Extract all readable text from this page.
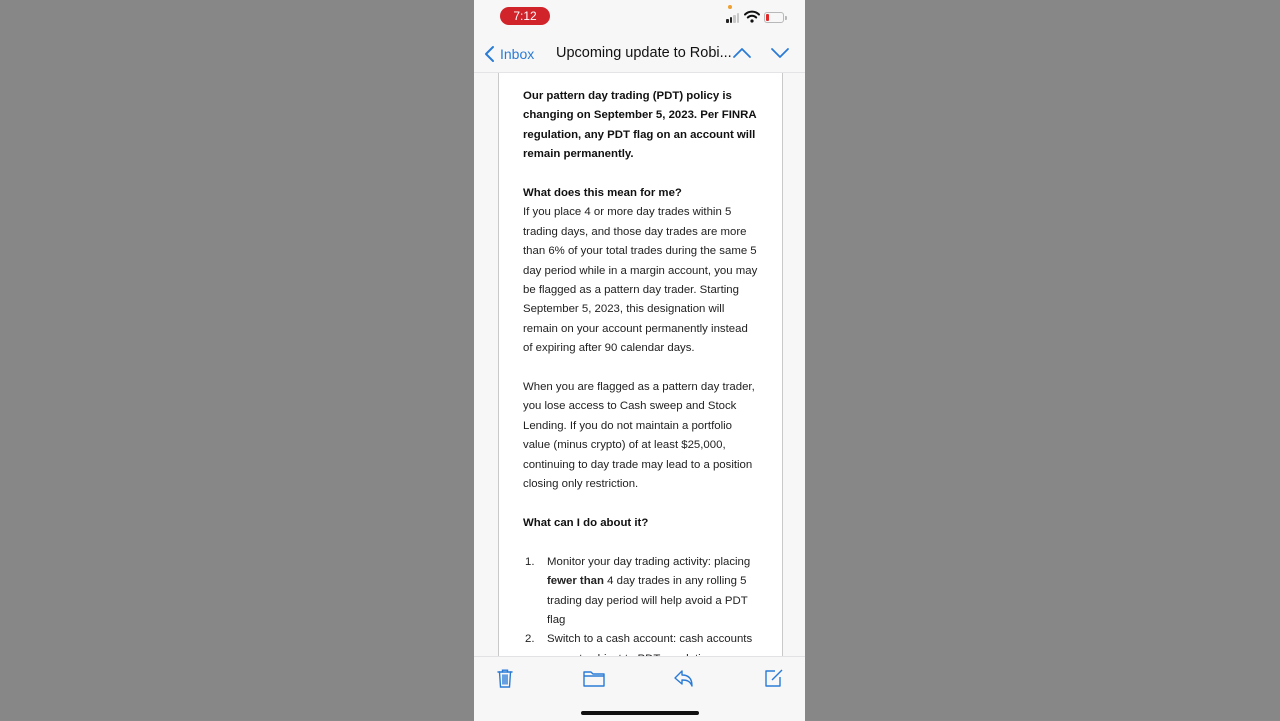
7:12
Inbox Upcoming update to Robi...

Our pattern day trading (PDT) policy is changing on September 5, 2023. Per FINRA regulation, any PDT flag on an account will remain permanently.

What does this mean for me?

If you place 4 or more day trades within 5 trading days, and those day trades are more than 6% of your total trades during the same 5 day period while in a margin account, you may be flagged as a pattern day trader. Starting September 5, 2023, this designation will remain on your account permanently instead of expiring after 90 calendar days.

When you are flagged as a pattern day trader, you lose access to Cash sweep and Stock Lending. If you do not maintain a portfolio value (minus crypto) of at least $25,000, continuing to day trade may lead to a position closing only restriction.

What can I do about it?
1. Monitor your day trading activity: placing fewer than 4 day trades in any rolling 5 trading day period will help avoid a PDT flag
2. Switch to a cash account: cash accounts
